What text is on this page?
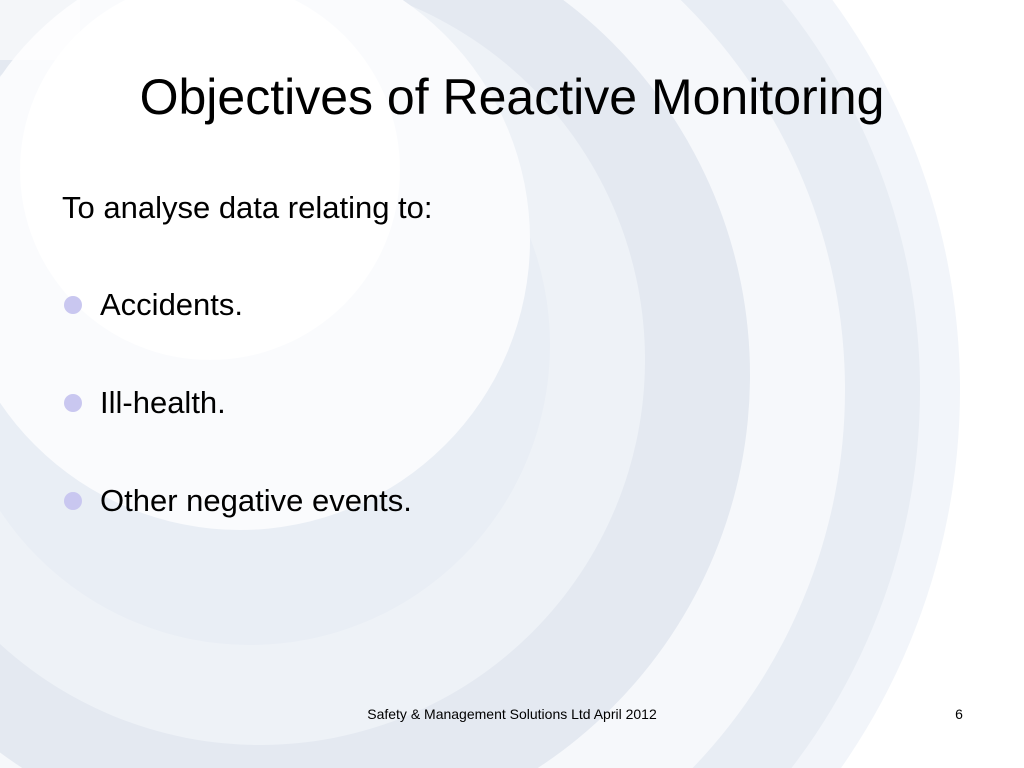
Objectives of Reactive Monitoring

To analyse data relating to:

Accidents.
Ill-health.
Other negative events.
Safety & Management Solutions Ltd April 2012	6
